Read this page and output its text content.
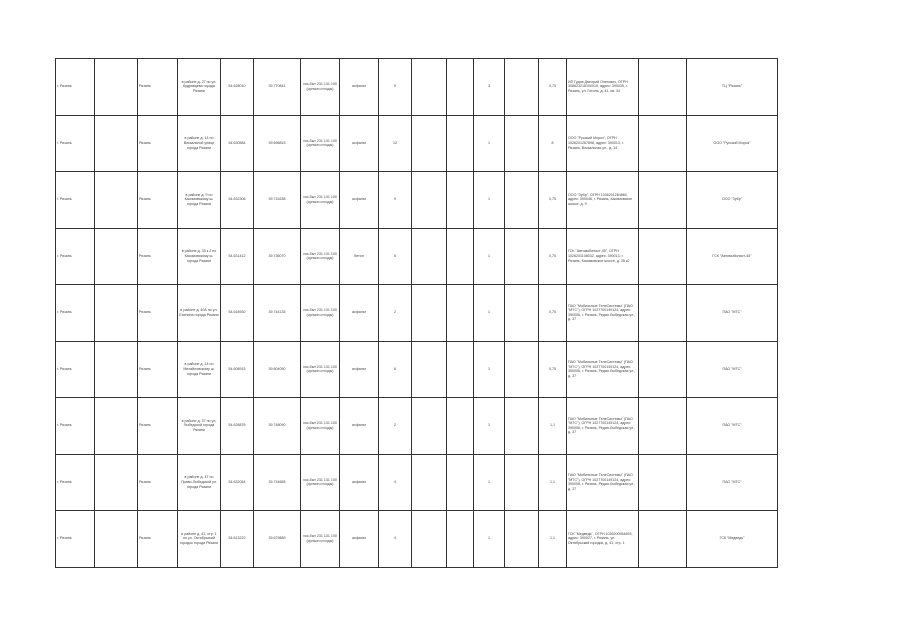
г. Рязань		Рязань	в районе д. 27 по ул. Кудрявцева города Рязани	54.628010	39.770841	хоз-быт 231 131 100 (оргмоп.отходы)	асфальт	5			3		0,75	ИП Гудов Дмитрий Олегович, ОГРН 308623218100015, адрес: 390035, г. Рязань, ул. Гоголя, д. 41, кв. 34		ТЦ "Рязань"
г. Рязань		Рязань	в районе д. 14 по Вокзальной улице города Рязани	54.630584	39.698815	хоз-быт 231 131 100 (оргмоп.отходы)	асфальт	12			1		8	ООО "Русский Мороз", ОГРН 1026201267898, адрес: 390013, г. Рязань, Вокзальная ул., д. 14		ООО "Русский Мороз"
г. Рязань		Рязань	в районе д. 9 по Касимовскому ш. города Рязани	54.632306	39.715258	хоз-быт 231 131 100 (оргмоп.отходы)	асфальт	9			1		0,75	ООО "Зубр", ОГРН 1036201264860, адрес: 390046, г. Рязань, Касимовское шоссе, д. 9		ООО "Зубр"
г. Рязань		Рязань	в районе д. 35 к 2 по Касимовскому ш. города Рязани	54.631412	39.736070	хоз-быт 231 131 100 (оргмоп.отходы)	бетон	6			1		0,75	ГСК "Автомобилист-45", ОГРН 1026201108032, адрес: 390013, г. Рязань, Касимовское шоссе, д. 35 к2		ГСК "Автомобилист-45"
г. Рязань		Рязань	в районе д. 40А по ул. Есенина города Рязани	54.618930	39.744135	хоз-быт 231 131 100 (оргмоп.отходы)	асфальт	2			1		0,75	ПАО "Мобильные ТелеСистемы" (ПАО "МТС"), ОГРН 1027700149124, адрес: 390006, г. Рязань, Редан-Лыбедская ул., д. 37		ПАО "МТС"
г. Рязань		Рязань	в районе д. 14 по Михайловскому ш. города Рязани	54.608915	39.804050	хоз-быт 231 131 100 (оргмоп.отходы)	асфальт	6			1		0,75	ПАО "Мобильные ТелеСистемы" (ПАО "МТС"), ОГРН 1027700149124, адрес: 390006, г. Рязань, Редан-Лыбедская ул., д. 37		ПАО "МТС"
г. Рязань		Рязань	в районе д. 37 по ул. Лыбедской города Рязани	54.628876	39.748090	хоз-быт 231 131 100 (оргмоп.отходы)	асфальт	2			1		1,1	ПАО "Мобильные ТелеСистемы" (ПАО "МТС"), ОГРН 1027700149124, адрес: 390006, г. Рязань, Редан-Лыбедская ул., д. 37		ПАО "МТС"
г. Рязань		Рязань	в районе д. 47 по Право-Лыбедской ул. города Рязани	54.632054	39.744665	хоз-быт 231 131 100 (оргмоп.отходы)	асфальт	4			1		1,1	ПАО "Мобильные ТелеСистемы" (ПАО "МТС"), ОГРН 1027700149124, адрес: 390006, г. Рязань, Редан-Лыбедская ул., д. 37		ПАО "МТС"
г. Рязань		Рязань	в районе д. 41, стр. 1 по ул. Октябрьский городок города Рязани	54.613222	39.679889	хоз-быт 231 131 100 (оргмоп.отходы)	асфальт	4			1		1,1	ГСК "Медведь", ОГРН 1026200954893, адрес: 390027, г. Рязань, ул. Октябрьский городок, д. 41, стр. 1		ГСК "Медведь"
